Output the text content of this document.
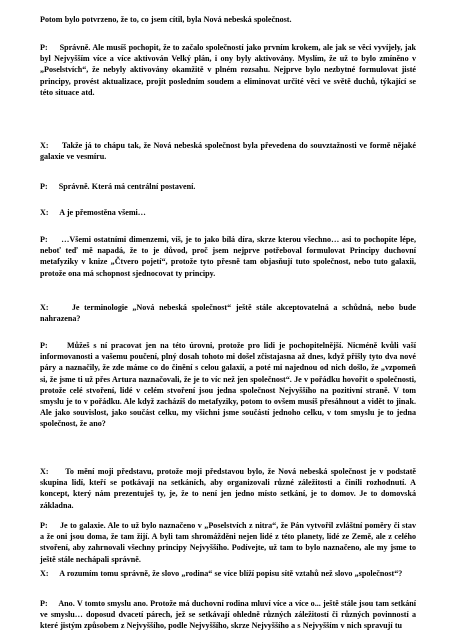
Potom bylo potvrzeno, že to, co jsem cítil, byla Nová nebeská společnost.

P:     Správně. Ale musíš pochopit, že to začalo společností jako prvním krokem, ale jak se věci vyvíjely, jak byl Nejvyšším více a více aktivován Velký plán, i ony byly aktivovány. Myslím, že už to bylo zmíněno v „Poselstvích“, že nebyly aktivovány okamžitě v plném rozsahu. Nejprve bylo nezbytné formulovat jisté principy, provést aktualizace, projít posledním soudem a eliminovat určité věci ve světě duchů, týkající se této situace atd.

X:     Takže já to chápu tak, že Nová nebeská společnost byla převedena do souvztažnosti ve formě nějaké galaxie ve vesmíru.

P:     Správně. Která má centrální postavení.

X:     A je přemostěna všemi…

P:     …Všemi ostatními dimenzemi, víš, je to jako bílá díra, skrze kterou všechno… asi to pochopíte lépe, neboť teď mě napadá, že to je důvod, proč jsem nejprve potřeboval formulovat Principy duchovní metafyziky v knize „Čtvero pojetí“, protože tyto přesně tam objasňují tuto společnost, nebo tuto galaxii, protože ona má schopnost sjednocovat ty principy.

X:     Je terminologie „Nová nebeská společnost“ ještě stále akceptovatelná a schůdná, nebo bude nahrazena?

P:     Můžeš s ní pracovat jen na této úrovni, protože pro lidi je pochopitelnější. Nicméně kvůli vaší informovanosti a vašemu poučení, plný dosah tohoto mi došel zčistajasna až dnes, když přišly tyto dva nové páry a naznačily, že zde máme co do činění s celou galaxií, a poté mi najednou od nich došlo, že „vzpomeň si, že jsme ti už přes Artura naznačovali, že je to víc než jen společnost“. Je v pořádku hovořit o společnosti, protože celé stvoření, lidé v celém stvoření jsou jedna společnost Nejvyššího na pozitivní straně. V tom smyslu je to v pořádku. Ale když zacházíš do metafyziky, potom to ovšem musíš přesáhnout a vidět to jinak. Ale jako souvislost, jako součást celku, my všichni jsme součástí jednoho celku, v tom smyslu je to jedna společnost, že ano?

X:     To mění moji představu, protože moji představou bylo, že Nová nebeská společnost je v podstatě skupina lidí, kteří se potkávají na setkáních, aby organizovali různé záležitosti a činili rozhodnutí. A koncept, který nám prezentuješ ty, je, že to není jen jedno místo setkání, je to domov. Je to domovská základna.

P:     Je to galaxie. Ale to už bylo naznačeno v „Poselstvích z nitra“, že Pán vytvořil zvláštní poměry či stav a že oni jsou doma, že tam žijí. A byli tam shromážděni nejen lidé z této planety, lidé ze Země, ale z celého stvoření, aby zahrnovali všechny principy Nejvyššího. Podívejte, už tam to bylo naznačeno, ale my jsme to ještě stále nechápali správně.

X:     A rozumím tomu správně, že slovo „rodina“ se více blíží popisu sítě vztahů než slovo „společnost“?

P:     Ano. V tomto smyslu ano. Protože má duchovní rodina mluví více a více o... ještě stále jsou tam setkání ve smyslu… doposud dvacetí párech, jež se setkávají ohledně různých záležitostí či různých povinností a které jistým způsobem z Nejvyššího, podle Nejvyššího, skrze Nejvyššího a s Nejvyšším v nich spravují tu
